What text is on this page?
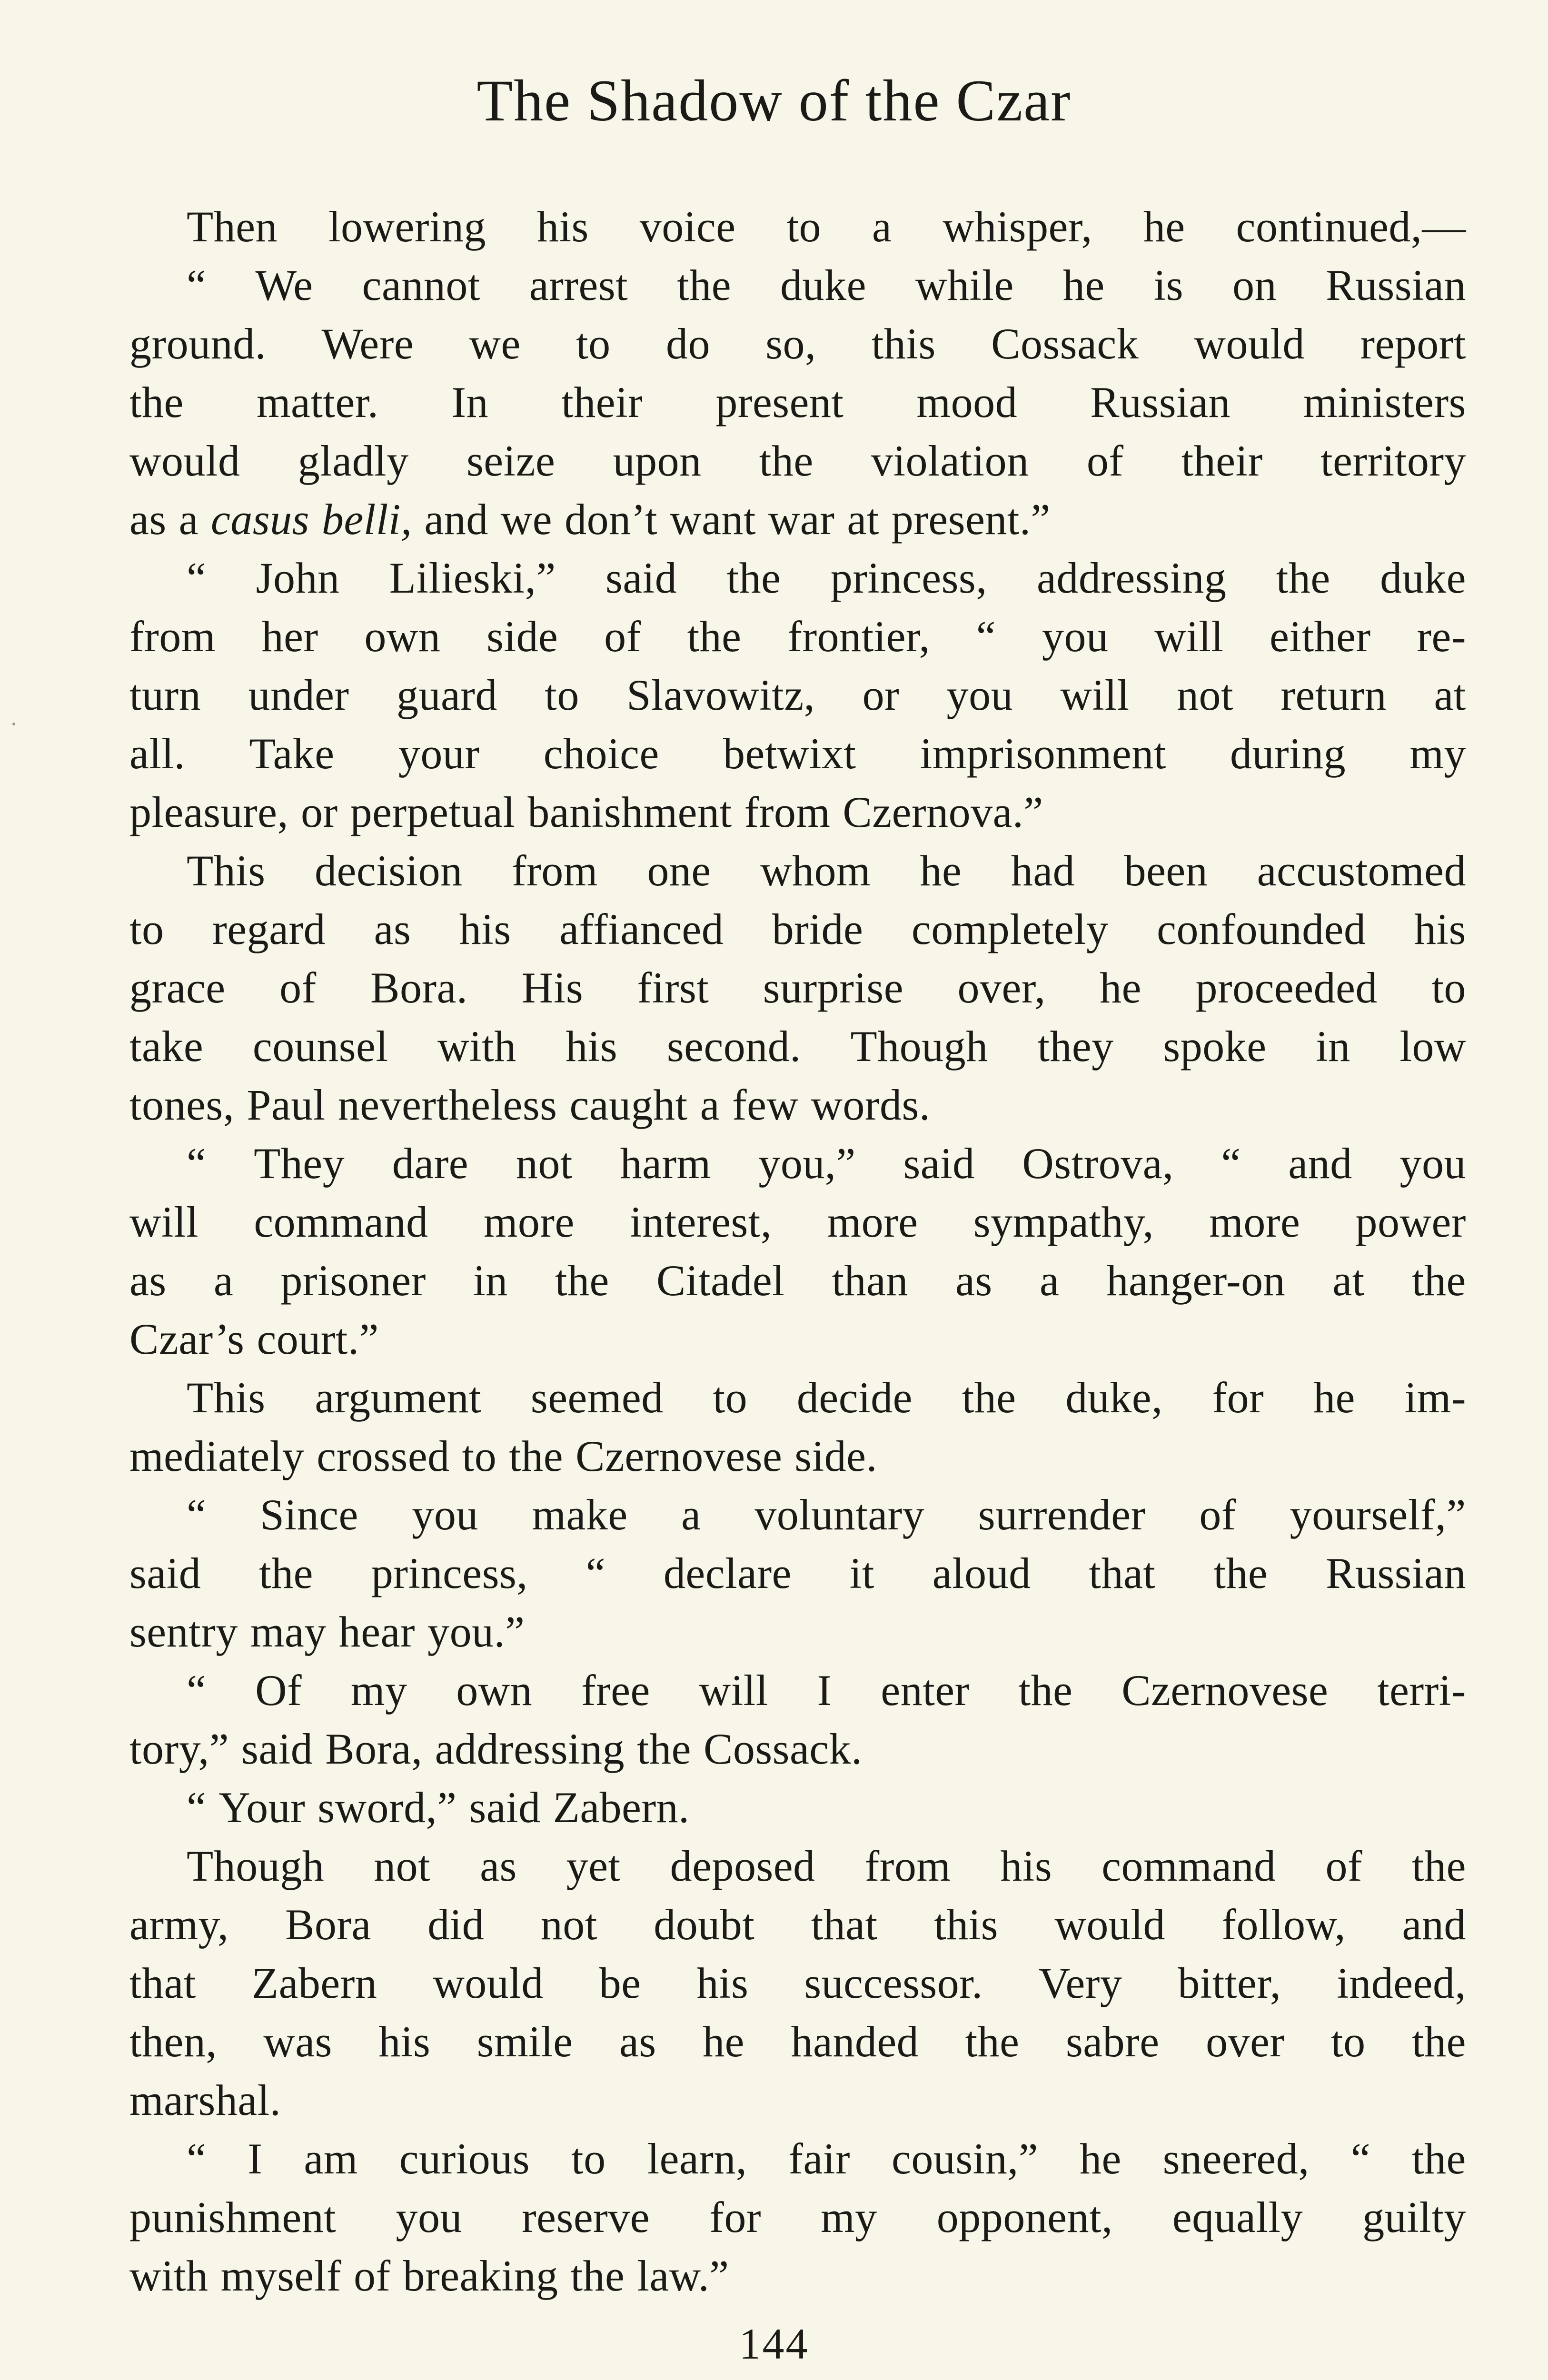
The Shadow of the Czar
Then lowering his voice to a whisper, he continued,—
“ We cannot arrest the duke while he is on Russian
ground. Were we to do so, this Cossack would report
the matter. In their present mood Russian ministers
would gladly seize upon the violation of their territory
as a casus belli, and we don’t want war at present.”
“ John Lilieski,” said the princess, addressing the duke
from her own side of the frontier, “ you will either re-
turn under guard to Slavowitz, or you will not return at
all. Take your choice betwixt imprisonment during my
pleasure, or perpetual banishment from Czernova.”
This decision from one whom he had been accustomed
to regard as his affianced bride completely confounded his
grace of Bora. His first surprise over, he proceeded to
take counsel with his second. Though they spoke in low
tones, Paul nevertheless caught a few words.
“ They dare not harm you,” said Ostrova, “ and you
will command more interest, more sympathy, more power
as a prisoner in the Citadel than as a hanger-on at the
Czar’s court.”
This argument seemed to decide the duke, for he im-
mediately crossed to the Czernovese side.
“ Since you make a voluntary surrender of yourself,”
said the princess, “ declare it aloud that the Russian
sentry may hear you.”
“ Of my own free will I enter the Czernovese terri-
tory,” said Bora, addressing the Cossack.
“ Your sword,” said Zabern.
Though not as yet deposed from his command of the
army, Bora did not doubt that this would follow, and
that Zabern would be his successor. Very bitter, indeed,
then, was his smile as he handed the sabre over to the
marshal.
“ I am curious to learn, fair cousin,” he sneered, “ the
punishment you reserve for my opponent, equally guilty
with myself of breaking the law.”
144
